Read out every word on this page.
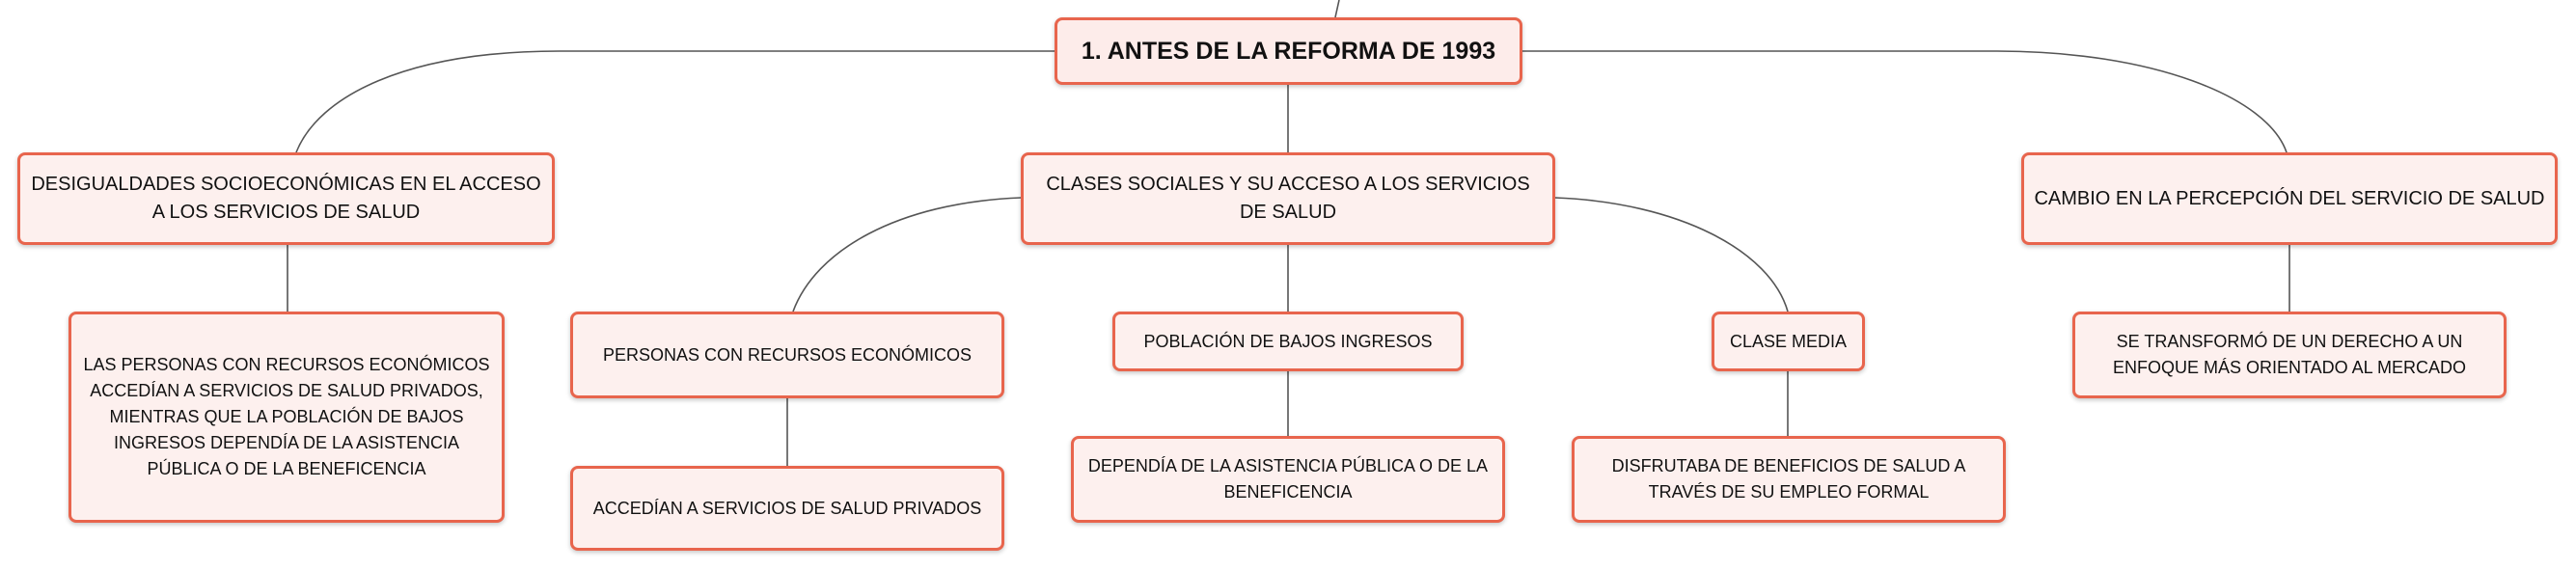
1. ANTES DE LA REFORMA DE 1993
DESIGUALDADES SOCIOECONÓMICAS EN EL ACCESO A LOS SERVICIOS DE SALUD
CLASES SOCIALES Y SU ACCESO A LOS SERVICIOS DE SALUD
CAMBIO EN LA PERCEPCIÓN DEL SERVICIO DE SALUD
LAS PERSONAS CON RECURSOS ECONÓMICOS ACCEDÍAN A SERVICIOS DE SALUD PRIVADOS, MIENTRAS QUE LA POBLACIÓN DE BAJOS INGRESOS DEPENDÍA DE LA ASISTENCIA PÚBLICA O DE LA BENEFICENCIA
PERSONAS CON RECURSOS ECONÓMICOS
POBLACIÓN DE BAJOS INGRESOS	CLASE MEDIA	SE TRANSFORMÓ DE UN DERECHO A UN ENFOQUE MÁS ORIENTADO AL MERCADO
ACCEDÍAN A SERVICIOS DE SALUD PRIVADOS
DEPENDÍA DE LA ASISTENCIA PÚBLICA O DE LA BENEFICENCIA
DISFRUTABA DE BENEFICIOS DE SALUD A TRAVÉS DE SU EMPLEO FORMAL
